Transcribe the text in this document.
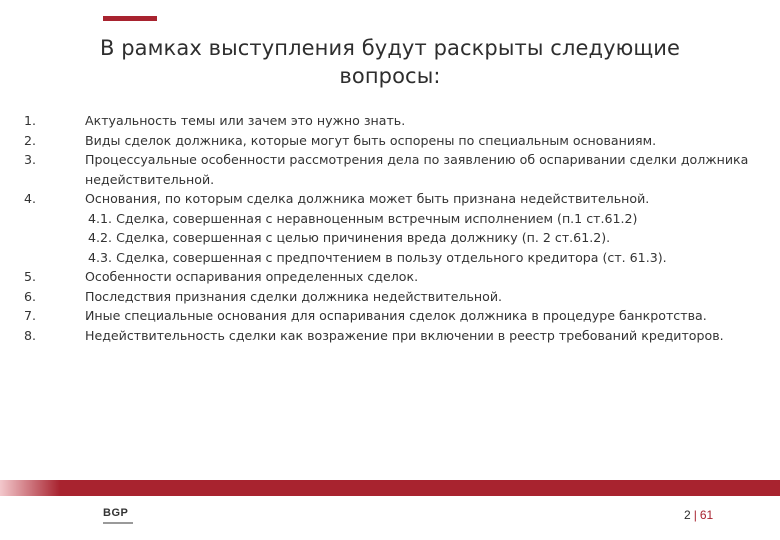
В рамках выступления будут раскрыты следующие
вопросы:
1.	Актуальность темы или зачем это нужно знать.
2.	Виды сделок должника, которые могут быть оспорены по специальным основаниям.
3.	Процессуальные особенности рассмотрения дела по заявлению об оспаривании сделки должника недействительной.
4.	Основания, по которым сделка должника может быть признана недействительной.
4.1. Сделка, совершенная с неравноценным встречным исполнением (п.1 ст.61.2)
4.2. Сделка, совершенная с целью причинения вреда должнику (п. 2 ст.61.2).
4.3. Сделка, совершенная с предпочтением в пользу отдельного кредитора (ст. 61.3).
5.	Особенности оспаривания определенных сделок.
6.	Последствия признания сделки должника недействительной.
7.	Иные специальные основания для оспаривания сделок должника в процедуре банкротства.
8.	Недействительность сделки как возражение при включении в реестр требований кредиторов.
BGP	2 | 61
